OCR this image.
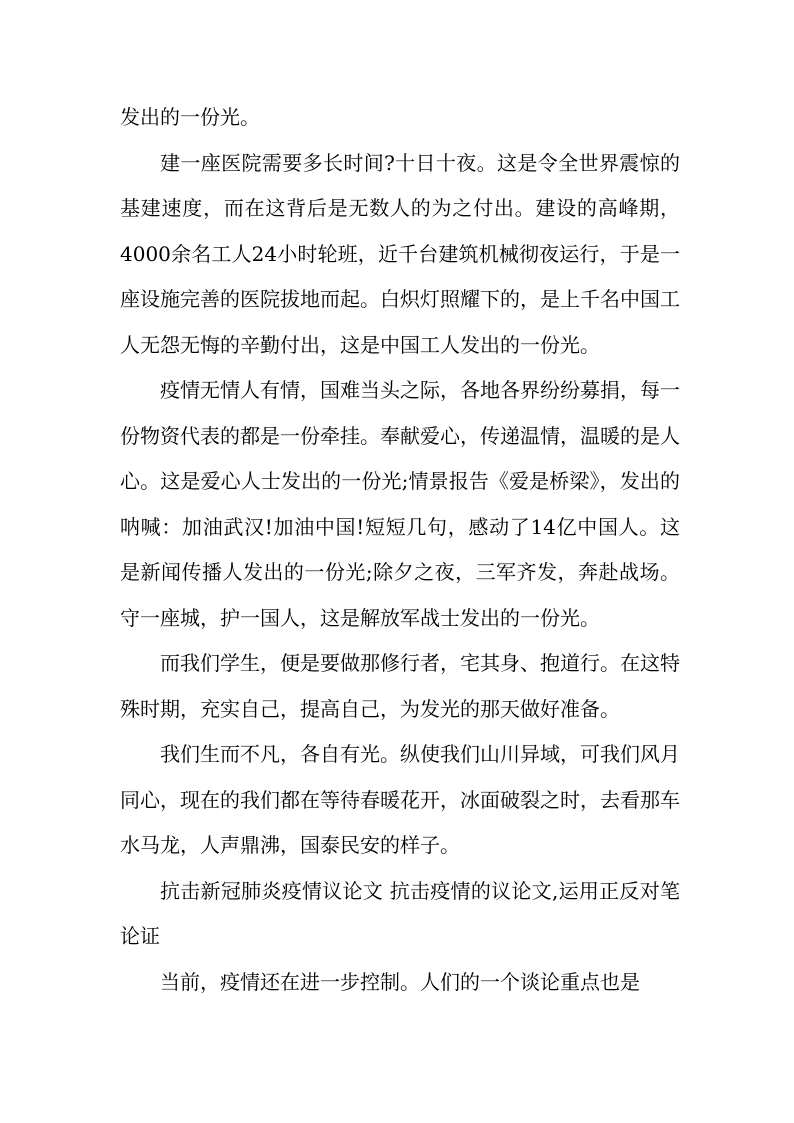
发出的一份光。

建一座医院需要多长时间?十日十夜。这是令全世界震惊的基建速度，而在这背后是无数人的为之付出。建设的高峰期，4000余名工人24小时轮班，近千台建筑机械彻夜运行，于是一座设施完善的医院拔地而起。白炽灯照耀下的，是上千名中国工人无怨无悔的辛勤付出，这是中国工人发出的一份光。

疫情无情人有情，国难当头之际，各地各界纷纷募捐，每一份物资代表的都是一份牵挂。奉献爱心，传递温情，温暖的是人心。这是爱心人士发出的一份光;情景报告《爱是桥梁》，发出的呐喊：加油武汉!加油中国!短短几句，感动了14亿中国人。这是新闻传播人发出的一份光;除夕之夜，三军齐发，奔赴战场。守一座城，护一国人，这是解放军战士发出的一份光。

而我们学生，便是要做那修行者，宅其身、抱道行。在这特殊时期，充实自己，提高自己，为发光的那天做好准备。

我们生而不凡，各自有光。纵使我们山川异域，可我们风月同心，现在的我们都在等待春暖花开，冰面破裂之时，去看那车水马龙，人声鼎沸，国泰民安的样子。

抗击新冠肺炎疫情议论文 抗击疫情的议论文,运用正反对笔论证

当前，疫情还在进一步控制。人们的一个谈论重点也是
